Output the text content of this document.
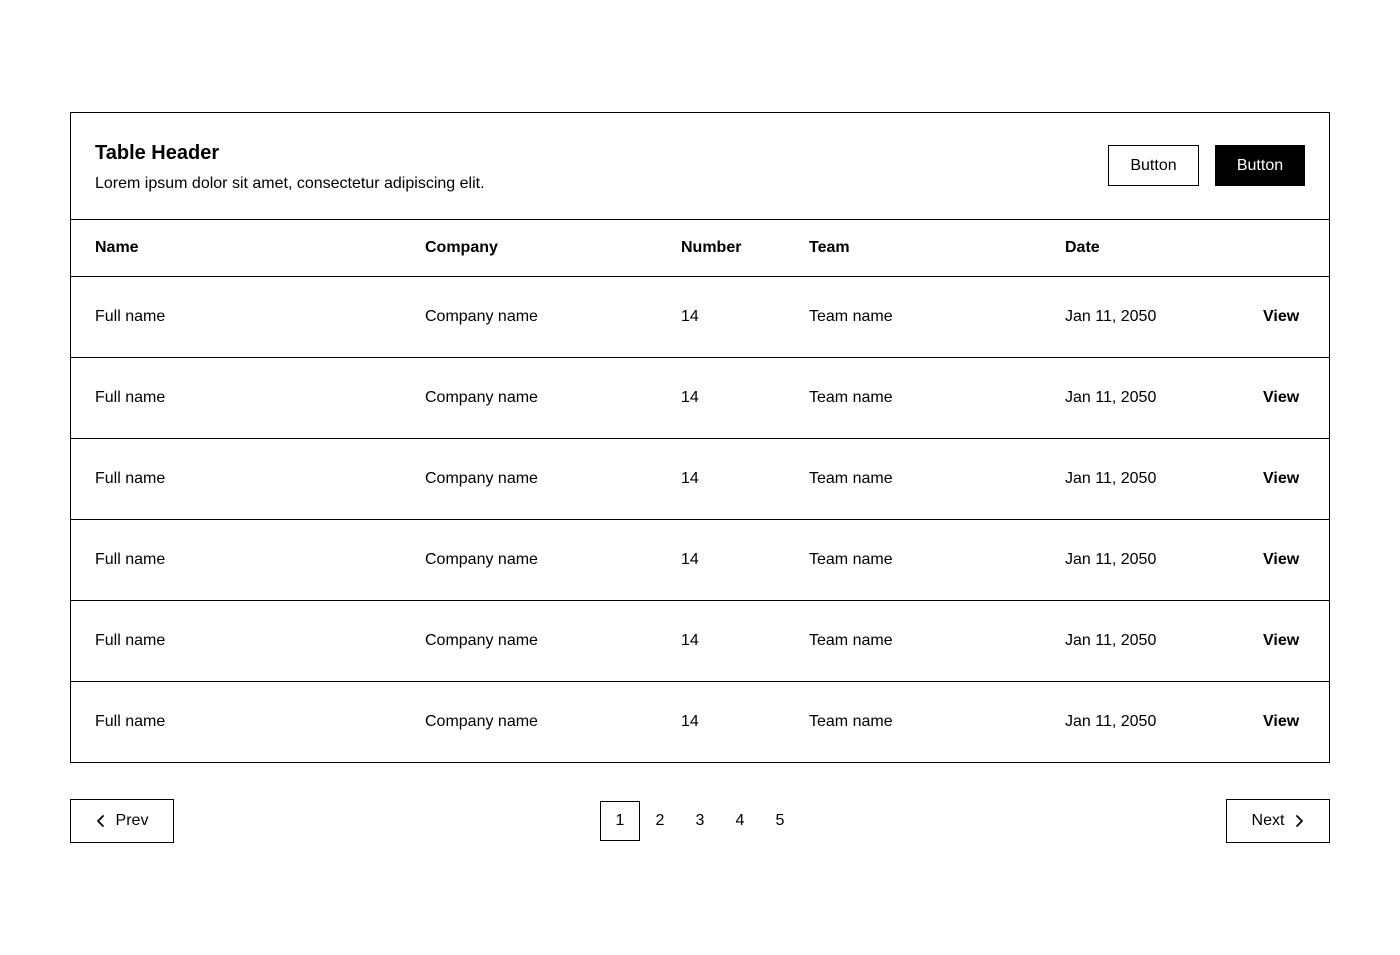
Table Header
Lorem ipsum dolor sit amet, consectetur adipiscing elit.
Button	Button
Name	Company	Number	Team	Date
Full name	Company name	14	Team name	Jan 11, 2050	View
Full name	Company name	14	Team name	Jan 11, 2050	View
Full name	Company name	14	Team name	Jan 11, 2050	View
Full name	Company name	14	Team name	Jan 11, 2050	View
Full name	Company name	14	Team name	Jan 11, 2050	View
Full name	Company name	14	Team name	Jan 11, 2050	View
Prev	1	2	3	4	5	Next
